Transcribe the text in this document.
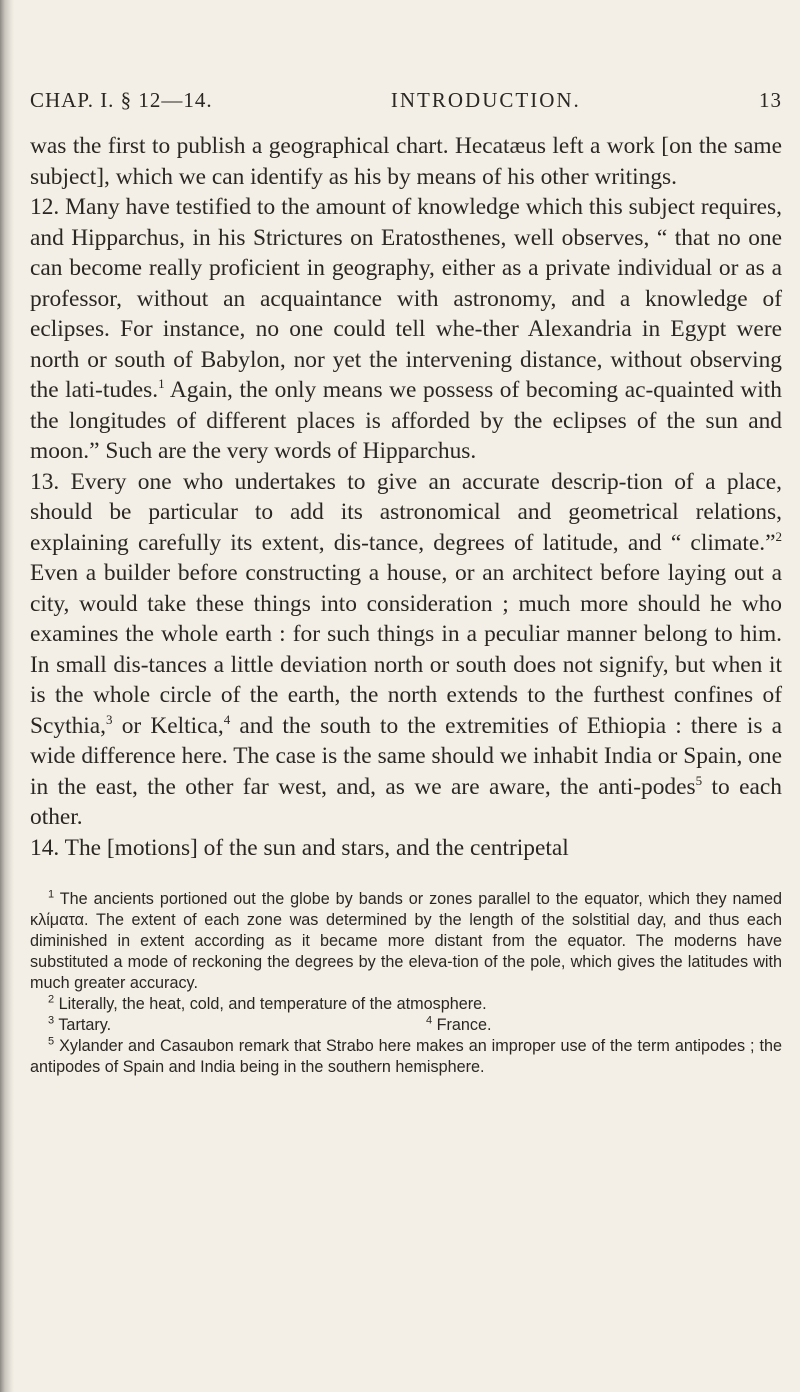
CHAP. I. § 12—14.	INTRODUCTION.	13

was the first to publish a geographical chart. Hecatæus left a work [on the same subject], which we can identify as his by means of his other writings.

12. Many have testified to the amount of knowledge which this subject requires, and Hipparchus, in his Strictures on Eratosthenes, well observes, “ that no one can become really proficient in geography, either as a private individual or as a professor, without an acquaintance with astronomy, and a knowledge of eclipses. For instance, no one could tell whe-ther Alexandria in Egypt were north or south of Babylon, nor yet the intervening distance, without observing the lati-tudes.$^1$ Again, the only means we possess of becoming ac-quainted with the longitudes of different places is afforded by the eclipses of the sun and moon.” Such are the very words of Hipparchus.

13. Every one who undertakes to give an accurate descrip-tion of a place, should be particular to add its astronomical and geometrical relations, explaining carefully its extent, dis-tance, degrees of latitude, and “ climate.”$^2$ Even a builder before constructing a house, or an architect before laying out a city, would take these things into consideration ; much more should he who examines the whole earth : for such things in a peculiar manner belong to him. In small dis-tances a little deviation north or south does not signify, but when it is the whole circle of the earth, the north extends to the furthest confines of Scythia,$^3$ or Keltica,$^4$ and the south to the extremities of Ethiopia : there is a wide difference here. The case is the same should we inhabit India or Spain, one in the east, the other far west, and, as we are aware, the anti-podes$^5$ to each other.

14. The [motions] of the sun and stars, and the centripetal

$^1$ The ancients portioned out the globe by bands or zones parallel to the equator, which they named κλίματα. The extent of each zone was determined by the length of the solstitial day, and thus each diminished in extent according as it became more distant from the equator. The moderns have substituted a mode of reckoning the degrees by the eleva-tion of the pole, which gives the latitudes with much greater accuracy.

$^2$ Literally, the heat, cold, and temperature of the atmosphere.

$^3$ Tartary.	$^4$ France.

$^5$ Xylander and Casaubon remark that Strabo here makes an improper use of the term antipodes ; the antipodes of Spain and India being in the southern hemisphere.
